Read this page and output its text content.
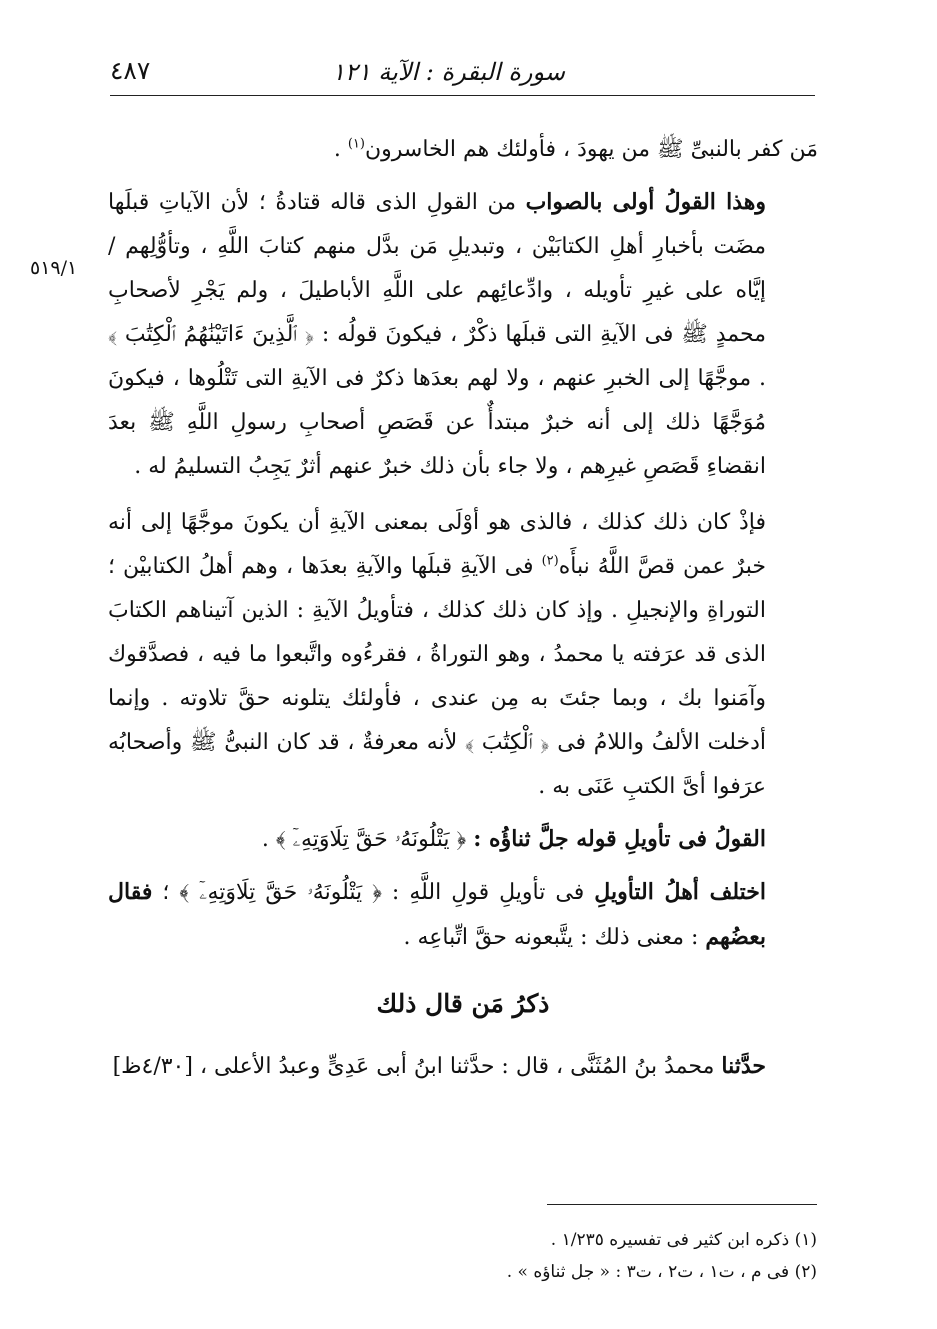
سورة البقرة : الآية ١٢١
٤٨٧
٥١٩/١

مَن كفر بالنبىِّ ﷺ من يهودَ ، فأولئك هم الخاسرون$^{(١)}$ .

وهذا القولُ أولى بالصواب من القولِ الذى قاله قتادةُ ؛ لأن الآياتِ قبلَها مضَت بأخبارِ أهلِ الكتابَيْن ، وتبديلِ مَن بدَّل منهم كتابَ اللَّهِ ، وتأوُّلِهم / إيَّاه على غيرِ تأويله ، وادِّعائِهم على اللَّهِ الأباطيلَ ، ولم يَجْرِ لأصحابِ محمدٍ ﷺ فى الآيةِ التى قبلَها ذكْرٌ ، فيكونَ قولُه : ﴿ ٱلَّذِينَ ءَاتَيْنَٰهُمُ ٱلْكِتَٰبَ ﴾ . موجَّهًا إلى الخبرِ عنهم ، ولا لهم بعدَها ذكرٌ فى الآيةِ التى تَتْلُوها ، فيكونَ مُوَجَّهًا ذلك إلى أنه خبرٌ مبتدأٌ عن قَصَصِ أصحابِ رسولِ اللَّهِ ﷺ بعدَ انقضاءِ قَصَصِ غيرِهم ، ولا جاء بأن ذلك خبرٌ عنهم أثرٌ يَجِبُ التسليمُ له .

فإذْ كان ذلك كذلك ، فالذى هو أوْلَى بمعنى الآيةِ أن يكونَ موجَّهًا إلى أنه خبرٌ عمن قصَّ اللَّهُ نبأَه$^{(٢)}$ فى الآيةِ قبلَها والآيةِ بعدَها ، وهم أهلُ الكتابيْن ؛ التوراةِ والإنجيلِ . وإذ كان ذلك كذلك ، فتأويلُ الآيةِ : الذين آتيناهم الكتابَ الذى قد عرَفته يا محمدُ ، وهو التوراةُ ، فقرءُوه واتَّبعوا ما فيه ، فصدَّقوك وآمَنوا بك ، وبما جئتَ به مِن عندى ، فأولئك يتلونه حقَّ تلاوته . وإنما أدخلت الألفُ واللامُ فى ﴿ ٱلْكِتَٰبَ ﴾ لأنه معرفةٌ ، قد كان النبىُّ ﷺ وأصحابُه عرَفوا أىَّ الكتبِ عَنَى به .

القولُ فى تأويلِ قوله جلَّ ثناؤُه : ﴿ يَتْلُونَهُۥ حَقَّ تِلَاوَتِهِۦٓ ﴾ .

اختلف أهلُ التأويلِ فى تأويلِ قولِ اللَّهِ : ﴿ يَتْلُونَهُۥ حَقَّ تِلَاوَتِهِۦٓ ﴾ ؛ فقال بعضُهم : معنى ذلك : يتَّبعونه حقَّ اتِّباعِه .

ذكرُ مَن قال ذلك

حدَّثنا محمدُ بنُ المُثَنَّى ، قال : حدَّثنا ابنُ أبى عَدِىٍّ وعبدُ الأعلى ، [٤/٣٠ظ]

(١) ذكره ابن كثير فى تفسيره ١/٢٣٥ .
(٢) فى م ، ت١ ، ت٢ ، ت٣ : « جل ثناؤه » .
